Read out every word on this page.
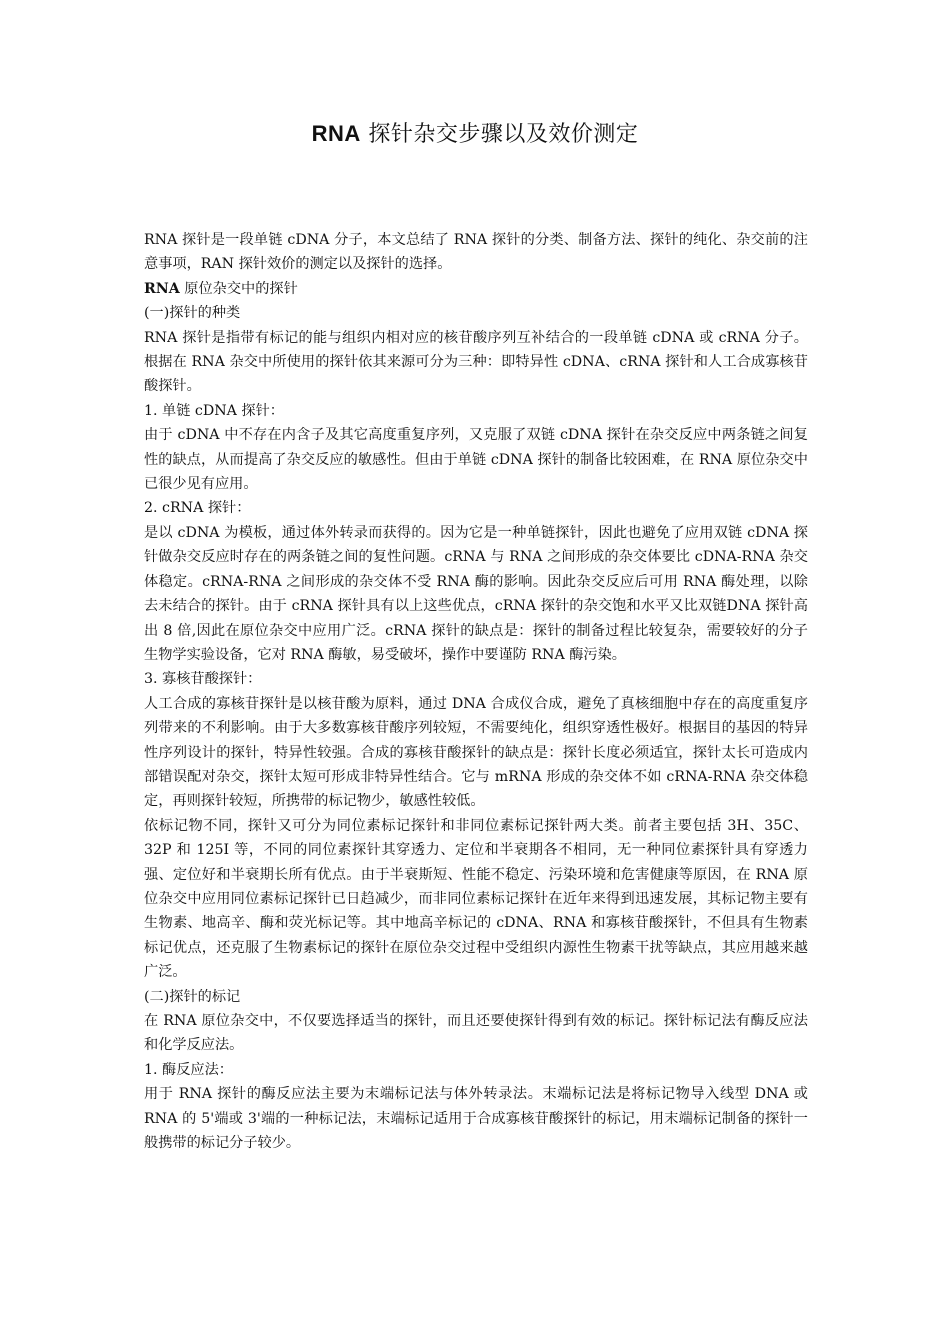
RNA 探针杂交步骤以及效价测定

RNA 探针是一段单链 cDNA 分子，本文总结了 RNA 探针的分类、制备方法、探针的纯化、杂交前的注意事项，RAN 探针效价的测定以及探针的选择。

RNA 原位杂交中的探针

(一)探针的种类

RNA 探针是指带有标记的能与组织内相对应的核苷酸序列互补结合的一段单链 cDNA 或 cRNA 分子。根据在 RNA 杂交中所使用的探针依其来源可分为三种：即特异性 cDNA、cRNA 探针和人工合成寡核苷酸探针。

1. 单链 cDNA 探针：

由于 cDNA 中不存在内含子及其它高度重复序列，又克服了双链 cDNA 探针在杂交反应中两条链之间复性的缺点，从而提高了杂交反应的敏感性。但由于单链 cDNA 探针的制备比较困难，在 RNA 原位杂交中已很少见有应用。

2. cRNA 探针：

是以 cDNA 为模板，通过体外转录而获得的。因为它是一种单链探针，因此也避免了应用双链 cDNA 探针做杂交反应时存在的两条链之间的复性问题。cRNA 与 RNA 之间形成的杂交体要比 cDNA-RNA 杂交体稳定。cRNA-RNA 之间形成的杂交体不受 RNA 酶的影响。因此杂交反应后可用 RNA 酶处理，以除去未结合的探针。由于 cRNA 探针具有以上这些优点，cRNA 探针的杂交饱和水平又比双链DNA 探针高出 8 倍,因此在原位杂交中应用广泛。cRNA 探针的缺点是：探针的制备过程比较复杂，需要较好的分子生物学实验设备，它对 RNA 酶敏，易受破坏，操作中要谨防 RNA 酶污染。

3. 寡核苷酸探针：

人工合成的寡核苷探针是以核苷酸为原料，通过 DNA 合成仪合成，避免了真核细胞中存在的高度重复序列带来的不利影响。由于大多数寡核苷酸序列较短，不需要纯化，组织穿透性极好。根据目的基因的特异性序列设计的探针，特异性较强。合成的寡核苷酸探针的缺点是：探针长度必须适宜，探针太长可造成内部错误配对杂交，探针太短可形成非特异性结合。它与 mRNA 形成的杂交体不如 cRNA-RNA 杂交体稳定，再则探针较短，所携带的标记物少，敏感性较低。

依标记物不同，探针又可分为同位素标记探针和非同位素标记探针两大类。前者主要包括 3H、35C、32P 和 125I 等，不同的同位素探针其穿透力、定位和半衰期各不相同，无一种同位素探针具有穿透力强、定位好和半衰期长所有优点。由于半衰斯短、性能不稳定、污染环境和危害健康等原因，在 RNA 原位杂交中应用同位素标记探针已日趋减少，而非同位素标记探针在近年来得到迅速发展，其标记物主要有生物素、地高辛、酶和荧光标记等。其中地高辛标记的 cDNA、RNA 和寡核苷酸探针，不但具有生物素标记优点，还克服了生物素标记的探针在原位杂交过程中受组织内源性生物素干扰等缺点，其应用越来越广泛。

(二)探针的标记

在 RNA 原位杂交中，不仅要选择适当的探针，而且还要使探针得到有效的标记。探针标记法有酶反应法和化学反应法。

1. 酶反应法：

用于 RNA 探针的酶反应法主要为末端标记法与体外转录法。末端标记法是将标记物导入线型 DNA 或 RNA 的 5'端或 3'端的一种标记法，末端标记适用于合成寡核苷酸探针的标记，用末端标记制备的探针一般携带的标记分子较少。
